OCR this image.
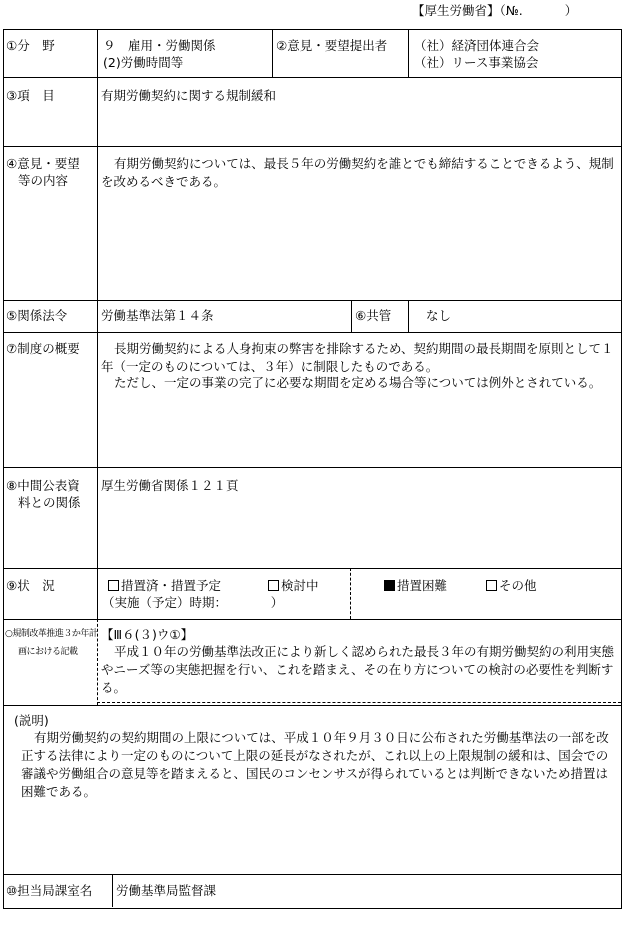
【厚生労働省】（№.	）
①分　野	９　雇用・労働関係
(2)労働時間等
②意見・要望提出者 （社）経済団体連合会
（社）リース事業協会
③項　目	有期労働契約に関する規制緩和
④意見・要望
等の内容
有期労働契約については、最長５年の労働契約を誰とでも締結することできるよう、規制を改めるべきである。
⑤関係法令	労働基準法第１４条	⑥共管	なし
⑦制度の概要	長期労働契約による人身拘束の弊害を排除するため、契約期間の最長期間を原則として１年（一定のものについては、３年）に制限したものである。
ただし、一定の事業の完了に必要な期間を定める場合等については例外とされている。
⑧中間公表資
料との関係
厚生労働省関係１２１頁
⑨状　況	措置済・措置予定
（実施（予定）時期：　　　　）
検討中	措置困難	その他
○規制改革推進３か年計
画における記載
【Ⅲ６(３)ウ①】
平成１０年の労働基準法改正により新しく認められた最長３年の有期労働契約の利用実態やニーズ等の実態把握を行い、これを踏まえ、その在り方についての検討の必要性を判断する。
(説明)
有期労働契約の契約期間の上限については、平成１０年９月３０日に公布された労働基準法の一部を改正する法律により一定のものについて上限の延長がなされたが、これ以上の上限規制の緩和は、国会での審議や労働組合の意見等を踏まえると、国民のコンセンサスが得られているとは判断できないため措置は困難である。
⑩担当局課室名 労働基準局監督課
